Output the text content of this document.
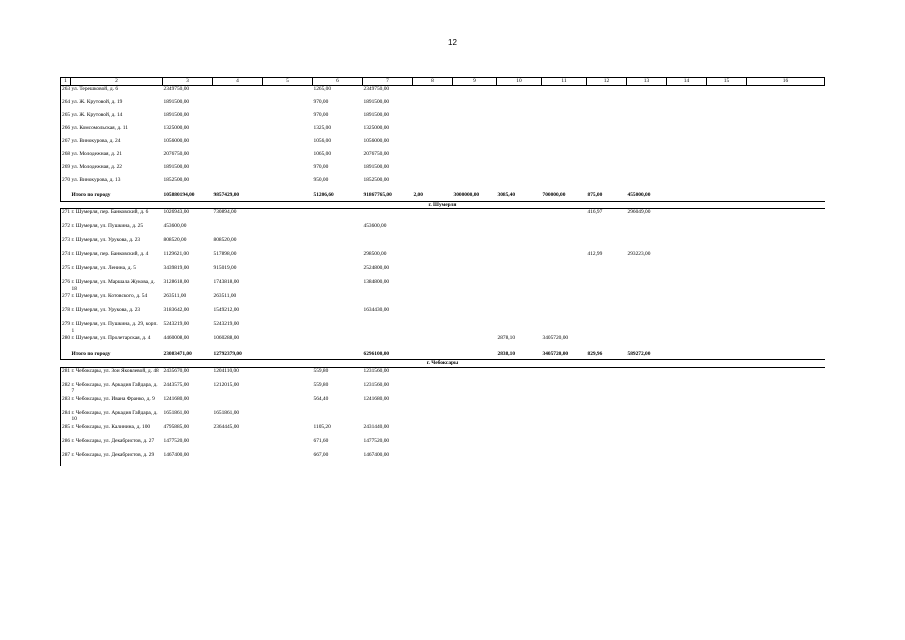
12
1	2	3	4	5	6	7	8	9	10	11	12	13	14	15	16
263	ул. Терешковой, д. 6	2349750,00			1265,00	2349750,00									
264	ул. Ж. Крутовой, д. 19	1891500,00			970,00	1891500,00									
265	ул. Ж. Крутовой, д. 14	1891500,00			970,00	1891500,00									
266	ул. Комсомольская, д. 11	1325000,00			1325,00	1325000,00									
267	ул. Винокурова, д. 24	1056000,00			1056,00	1056000,00									
268	ул. Молодежная, д. 21	2076750,00			1065,00	2076750,00									
269	ул. Молодежная, д. 22	1891500,00			970,00	1891500,00									
270	ул. Винокурова, д. 13	1852500,00			950,00	1852500,00									
	Итого по городу	105880194,00	9857429,00		51206,60	91867765,00	2,00	3000000,00	3085,40	700000,00	875,00	455000,00			
г. Шумерля															
271	г. Шумерля, пер. Банковский, д. 6	1026943,00	730894,00								416,97	296049,00			
272	г. Шумерля, ул. Пушкина, д. 25	453600,00				453600,00									
273	г. Шумерля, ул. Урукова, д. 23	808520,00	808520,00												
274	г. Шумерля, пер. Банковский, д. 4	1129621,00	517898,00			298500,00					412,99	293223,00			
275	г. Шумерля, ул. Ленина, д. 5	3439819,00	915019,00			2524800,00									
276	г. Шумерля, ул. Маршала Жукова, д. 18	3128618,00	1743818,00			1384800,00									
277	г. Шумерля, ул. Котовского, д. 54	263511,00	263511,00												
278	г. Шумерля, ул. Урукова, д. 23	3183642,00	1549212,00			1634430,00									
279	г. Шумерля, ул. Пушкина, д. 29, корп. 1	5243219,00	5243219,00												
280	г. Шумерля, ул. Пролетарская, д. 4	4460008,00	1060288,00						2878,10	3405720,00					
	Итого по городу	23083471,00	12792379,00			6296100,00			2838,10	3405720,00	829,96	589272,00			
г. Чебоксары															
281	г. Чебоксары, ул. Зои Яковлевой, д. 48	2435670,00	1204110,00		559,80	1231560,00									
282	г. Чебоксары, ул. Аркадия Гайдара, д. 7	2443575,00	1212015,00		559,80	1231560,00									
283	г. Чебоксары, ул. Ивана Франко, д. 9	1241680,00			564,40	1241680,00									
284	г. Чебоксары, ул. Аркадия Гайдара, д. 10	1651861,00	1651861,00												
285	г. Чебоксары, ул. Калинина, д. 100	4795885,00	2364445,00		1105,20	2431440,00									
286	г. Чебоксары, ул. Декабристов, д. 27	1477520,00			671,60	1477520,00									
287	г. Чебоксары, ул. Декабристов, д. 29	1467400,00			667,00	1467400,00									
